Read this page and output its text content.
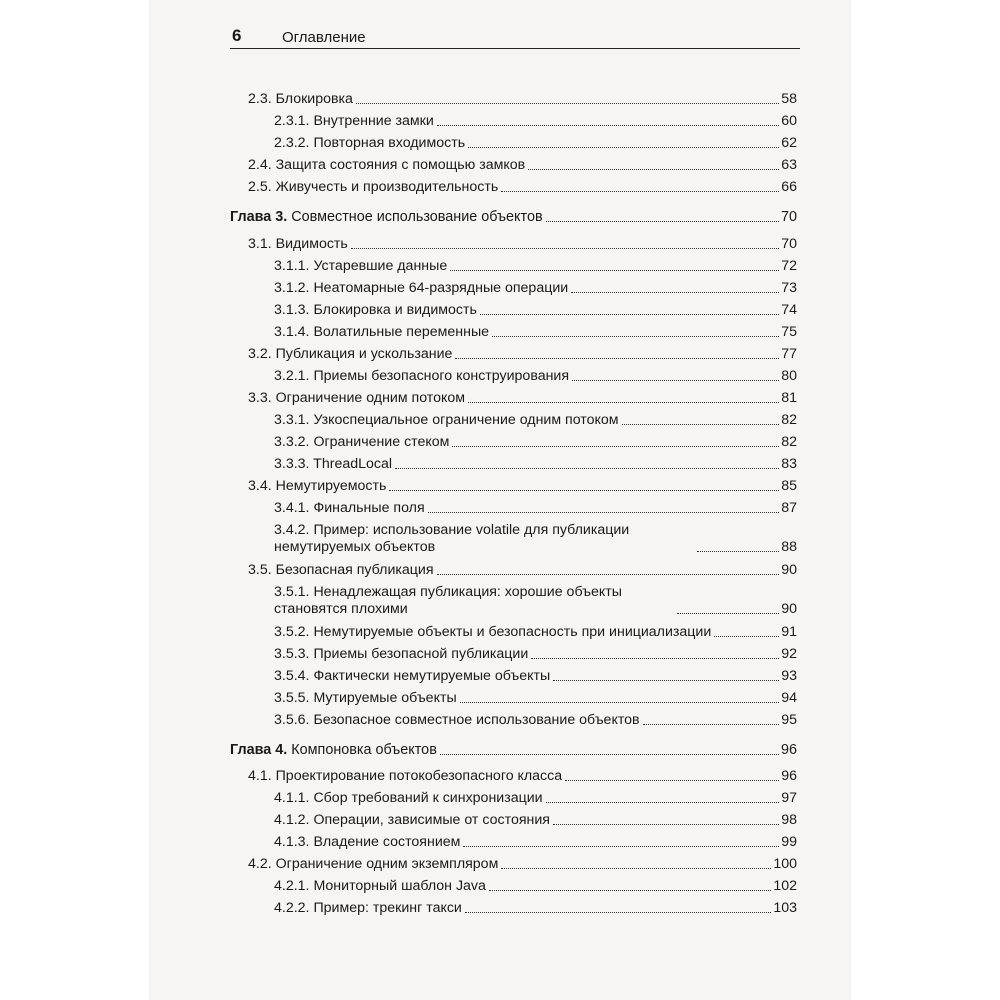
6	Оглавление
2.3. Блокировка	58
2.3.1. Внутренние замки	60
2.3.2. Повторная входимость	62
2.4. Защита состояния с помощью замков	63
2.5. Живучесть и производительность	66
Глава 3. Совместное использование объектов	70
3.1. Видимость	70
3.1.1. Устаревшие данные	72
3.1.2. Неатомарные 64-разрядные операции	73
3.1.3. Блокировка и видимость	74
3.1.4. Волатильные переменные	75
3.2. Публикация и ускользание	77
3.2.1. Приемы безопасного конструирования	80
3.3. Ограничение одним потоком	81
3.3.1. Узкоспециальное ограничение одним потоком	82
3.3.2. Ограничение стеком	82
3.3.3. ThreadLocal	83
3.4. Немутируемость	85
3.4.1. Финальные поля	87
3.4.2. Пример: использование volatile для публикации немутируемых объектов	88
3.5. Безопасная публикация	90
3.5.1. Ненадлежащая публикация: хорошие объекты становятся плохими	90
3.5.2. Немутируемые объекты и безопасность при инициализации	91
3.5.3. Приемы безопасной публикации	92
3.5.4. Фактически немутируемые объекты	93
3.5.5. Мутируемые объекты	94
3.5.6. Безопасное совместное использование объектов	95
Глава 4. Компоновка объектов	96
4.1. Проектирование потокобезопасного класса	96
4.1.1. Сбор требований к синхронизации	97
4.1.2. Операции, зависимые от состояния	98
4.1.3. Владение состоянием	99
4.2. Ограничение одним экземпляром	100
4.2.1. Мониторный шаблон Java	102
4.2.2. Пример: трекинг такси	103
